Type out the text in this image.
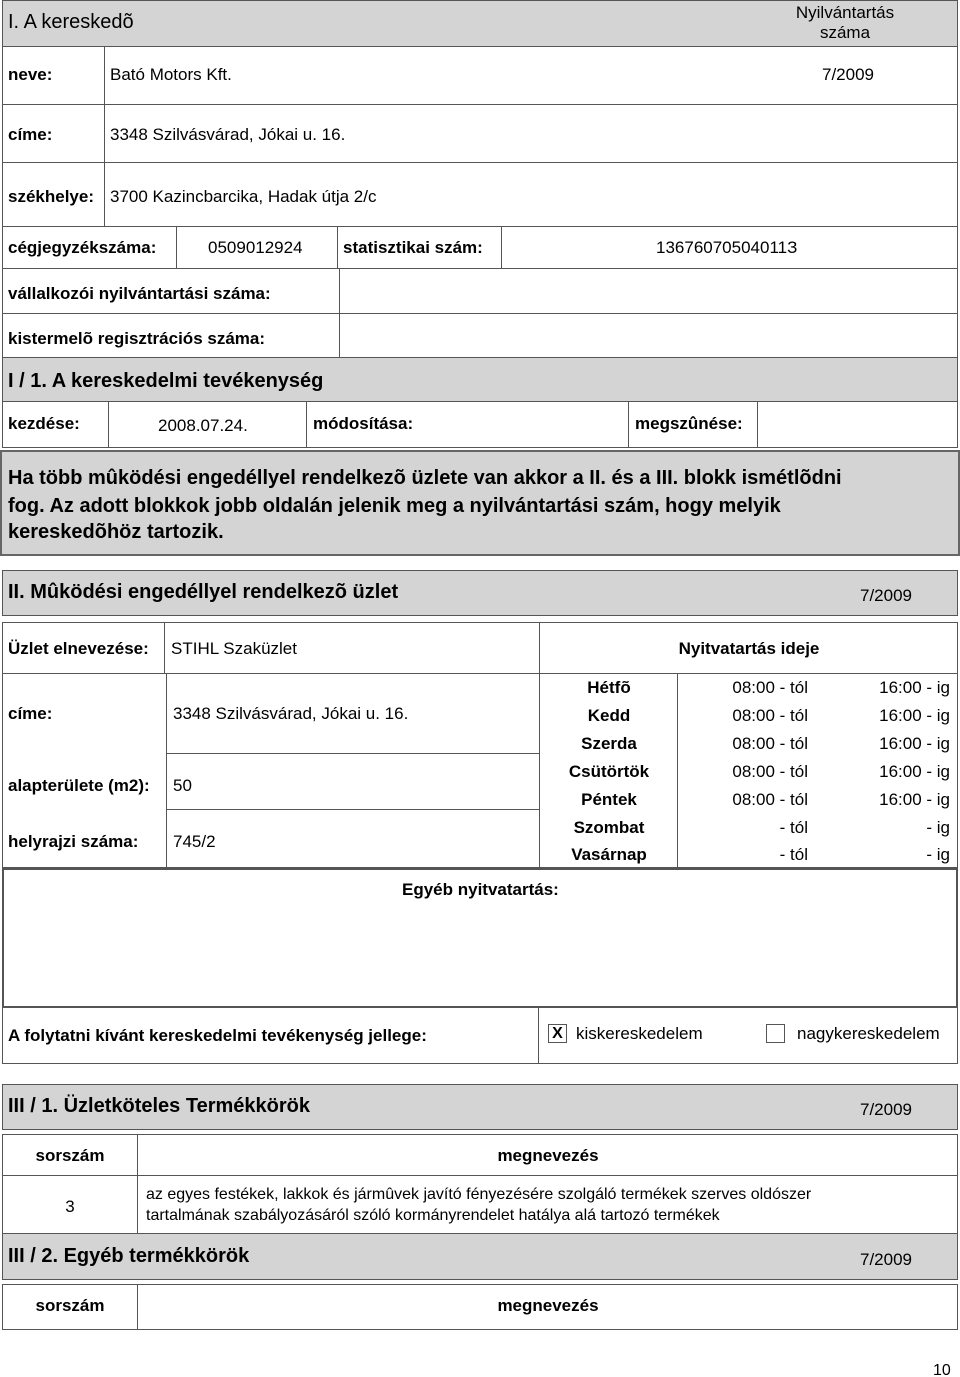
I. A kereskedõ	Nyilvántartás száma
neve:	Bató Motors Kft.	7/2009
címe:	3348 Szilvásvárad, Jókai u. 16.
székhelye: 3700 Kazincbarcika, Hadak útja 2/c
cégjegyzékszáma:	0509012924 statisztikai szám:	13676070504011З
vállalkozói nyilvántartási száma:
kistermelõ regisztrációs száma:
I / 1. A kereskedelmi tevékenység
kezdése:	2008.07.24.	módosítása:	megszûnése:
Ha több mûködési engedéllyel rendelkezõ üzlete van akkor a II. és a III. blokk ismétlõdni
fog. Az adott blokkok jobb oldalán jelenik meg a nyilvántartási szám, hogy melyik
kereskedõhöz tartozik.
II. Mûködési engedéllyel rendelkezõ üzlet	7/2009
Üzlet elnevezése: STIHL Szaküzlet	Nyitvatartás ideje
címe:	3348 Szilvásvárad, Jókai u. 16.
alapterülete (m2): 50
helyrajzi száma: 745/2
Hétfõ	08:00 - tól	16:00 - ig
Kedd	08:00 - tól	16:00 - ig
Szerda	08:00 - tól	16:00 - ig
Csütörtök	08:00 - tól	16:00 - ig
Péntek	08:00 - tól	16:00 - ig
Szombat	- tól	- ig
Vasárnap	- tól	- ig
Egyéb nyitvatartás:
A folytatni kívánt kereskedelmi tevékenység jellege:	X kiskereskedelem	nagykereskedelem
III / 1. Üzletköteles Termékkörök	7/2009
sorszám	megnevezés
3
az egyes festékek, lakkok és jármûvek javító fényezésére szolgáló termékek szerves oldószer
tartalmának szabályozásáról szóló kormányrendelet hatálya alá tartozó termékek
III / 2. Egyéb termékkörök	7/2009
sorszám	megnevezés
10
